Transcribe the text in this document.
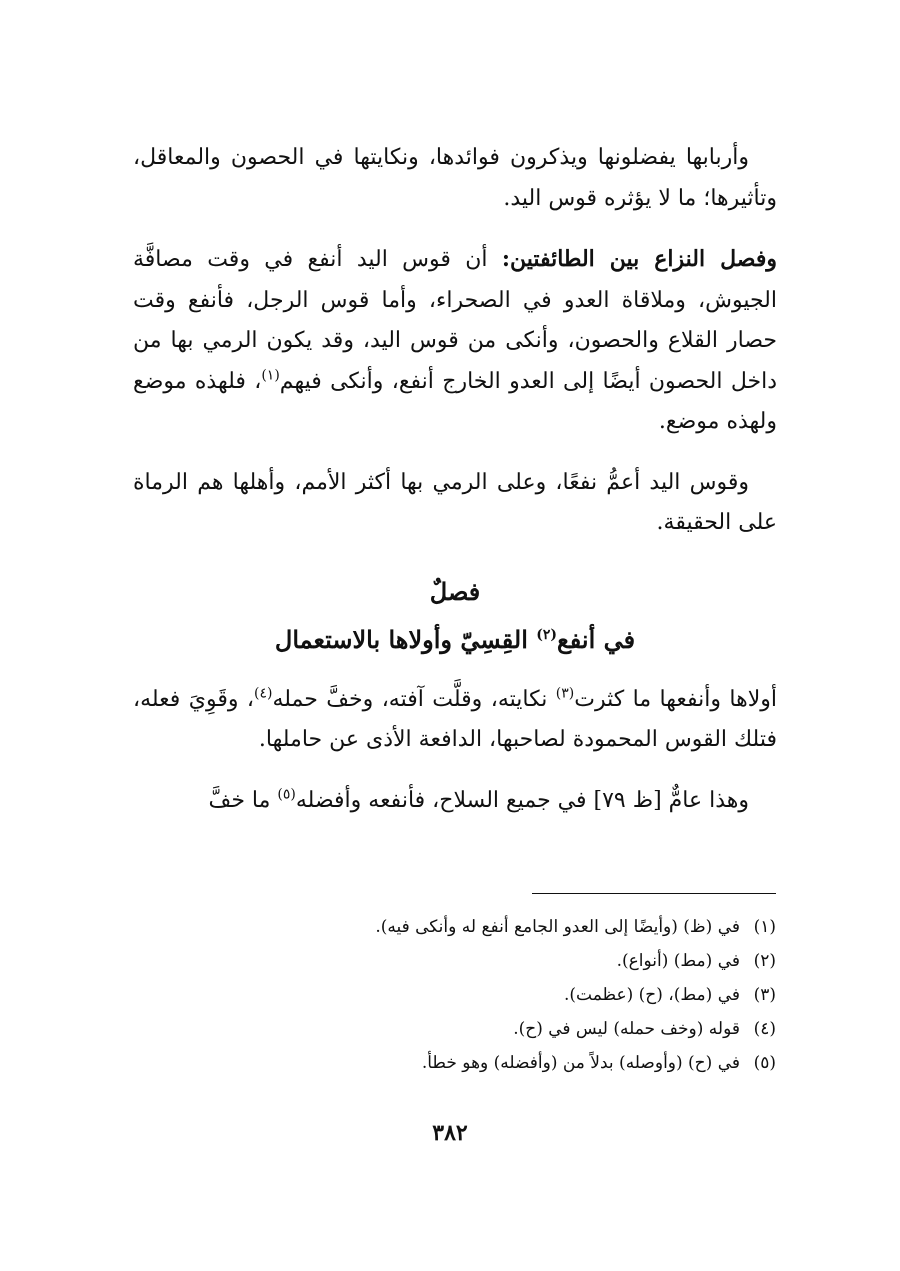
وأربابها يفضلونها ويذكرون فوائدها، ونكايتها في الحصون والمعاقل، وتأثيرها؛ ما لا يؤثره قوس اليد.

وفصل النزاع بين الطائفتين: أن قوس اليد أنفع في وقت مصافَّة الجيوش، وملاقاة العدو في الصحراء، وأما قوس الرجل، فأنفع وقت حصار القلاع والحصون، وأنكى من قوس اليد، وقد يكون الرمي بها من داخل الحصون أيضًا إلى العدو الخارج أنفع، وأنكى فيهم$^{(١)}$، فلهذه موضع ولهذه موضع.

وقوس اليد أعمُّ نفعًا، وعلى الرمي بها أكثر الأمم، وأهلها هم الرماة على الحقيقة.

فصلٌ
في أنفع$^{(٢)}$ القِسِيّ وأولاها بالاستعمال

أولاها وأنفعها ما كثرت$^{(٣)}$ نكايته، وقلَّت آفته، وخفَّ حمله$^{(٤)}$، وقَوِيَ فعله، فتلك القوس المحمودة لصاحبها، الدافعة الأذى عن حاملها.

وهذا عامٌّ [ظ ٧٩] في جميع السلاح، فأنفعه وأفضله$^{(٥)}$ ما خفَّ

(١)في (ظ) (وأيضًا إلى العدو الجامع أنفع له وأنكى فيه).
(٢)في (مط) (أنواع).
(٣)في (مط)، (ح) (عظمت).
(٤)قوله (وخف حمله) ليس في (ح).
(٥)في (ح) (وأوصله) بدلاً من (وأفضله) وهو خطأ.
٣٨٢
